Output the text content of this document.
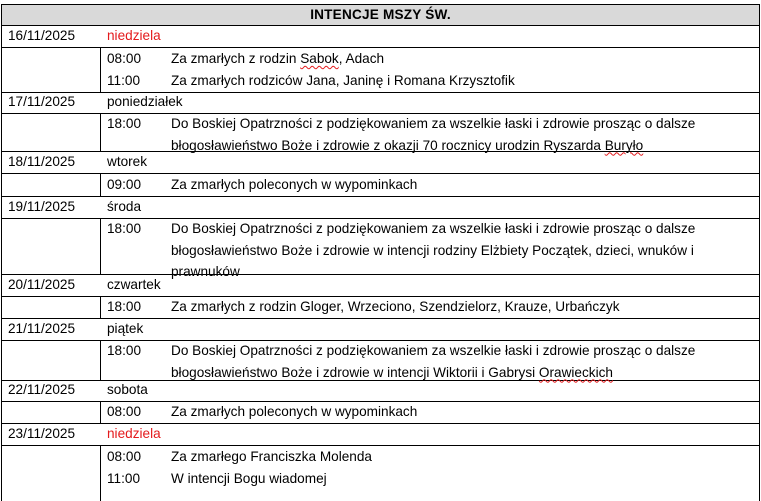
INTENCJE MSZY ŚW.
16/11/2025 niedziela
08:00 Za zmarłych z rodzin Sabok, Adach
11:00 Za zmarłych rodziców Jana, Janinę i Romana Krzysztofik
17/11/2025 poniedziałek
18:00 Do Boskiej Opatrzności z podziękowaniem za wszelkie łaski i zdrowie prosząc o dalsze błogosławieństwo Boże i zdrowie z okazji 70 rocznicy urodzin Ryszarda Buryło
18/11/2025 wtorek
09:00 Za zmarłych poleconych w wypominkach
19/11/2025 środa
18:00 Do Boskiej Opatrzności z podziękowaniem za wszelkie łaski i zdrowie prosząc o dalsze błogosławieństwo Boże i zdrowie w intencji rodziny Elżbiety Początek, dzieci, wnuków i prawnuków
20/11/2025 czwartek
18:00 Za zmarłych z rodzin Gloger, Wrzeciono, Szendzielorz, Krauze, Urbańczyk
21/11/2025 piątek
18:00 Do Boskiej Opatrzności z podziękowaniem za wszelkie łaski i zdrowie prosząc o dalsze błogosławieństwo Boże i zdrowie w intencji Wiktorii i Gabrysi Orawieckich
22/11/2025 sobota
08:00 Za zmarłych poleconych w wypominkach
23/11/2025 niedziela
08:00 Za zmarłego Franciszka Molenda
11:00 W intencji Bogu wiadomej
